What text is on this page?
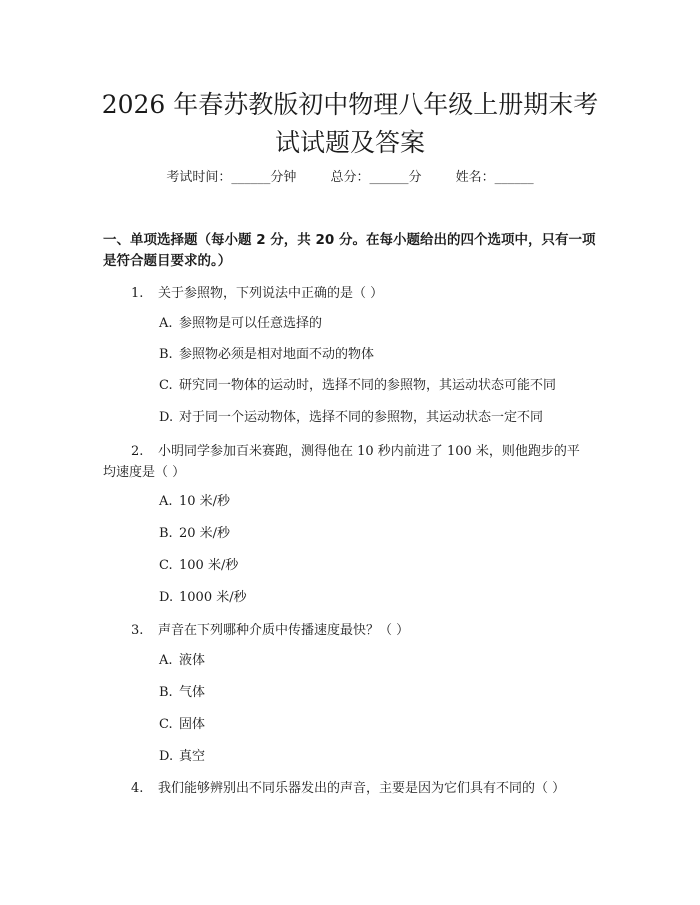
2026 年春苏教版初中物理八年级上册期末考
试试题及答案
考试时间：______分钟	总分：______分	姓名：______

一、单项选择题（每小题 2 分，共 20 分。在每小题给出的四个选项中，只有一项
是符合题目要求的。）

1. 关于参照物，下列说法中正确的是（ ）
A. 参照物是可以任意选择的
B. 参照物必须是相对地面不动的物体
C. 研究同一物体的运动时，选择不同的参照物，其运动状态可能不同
D. 对于同一个运动物体，选择不同的参照物，其运动状态一定不同
2. 小明同学参加百米赛跑，测得他在 10 秒内前进了 100 米，则他跑步的平
均速度是（ ）
A. 10 米/秒
B. 20 米/秒
C. 100 米/秒
D. 1000 米/秒
3. 声音在下列哪种介质中传播速度最快？（ ）
A. 液体
B. 气体
C. 固体
D. 真空
4. 我们能够辨别出不同乐器发出的声音，主要是因为它们具有不同的（ ）
